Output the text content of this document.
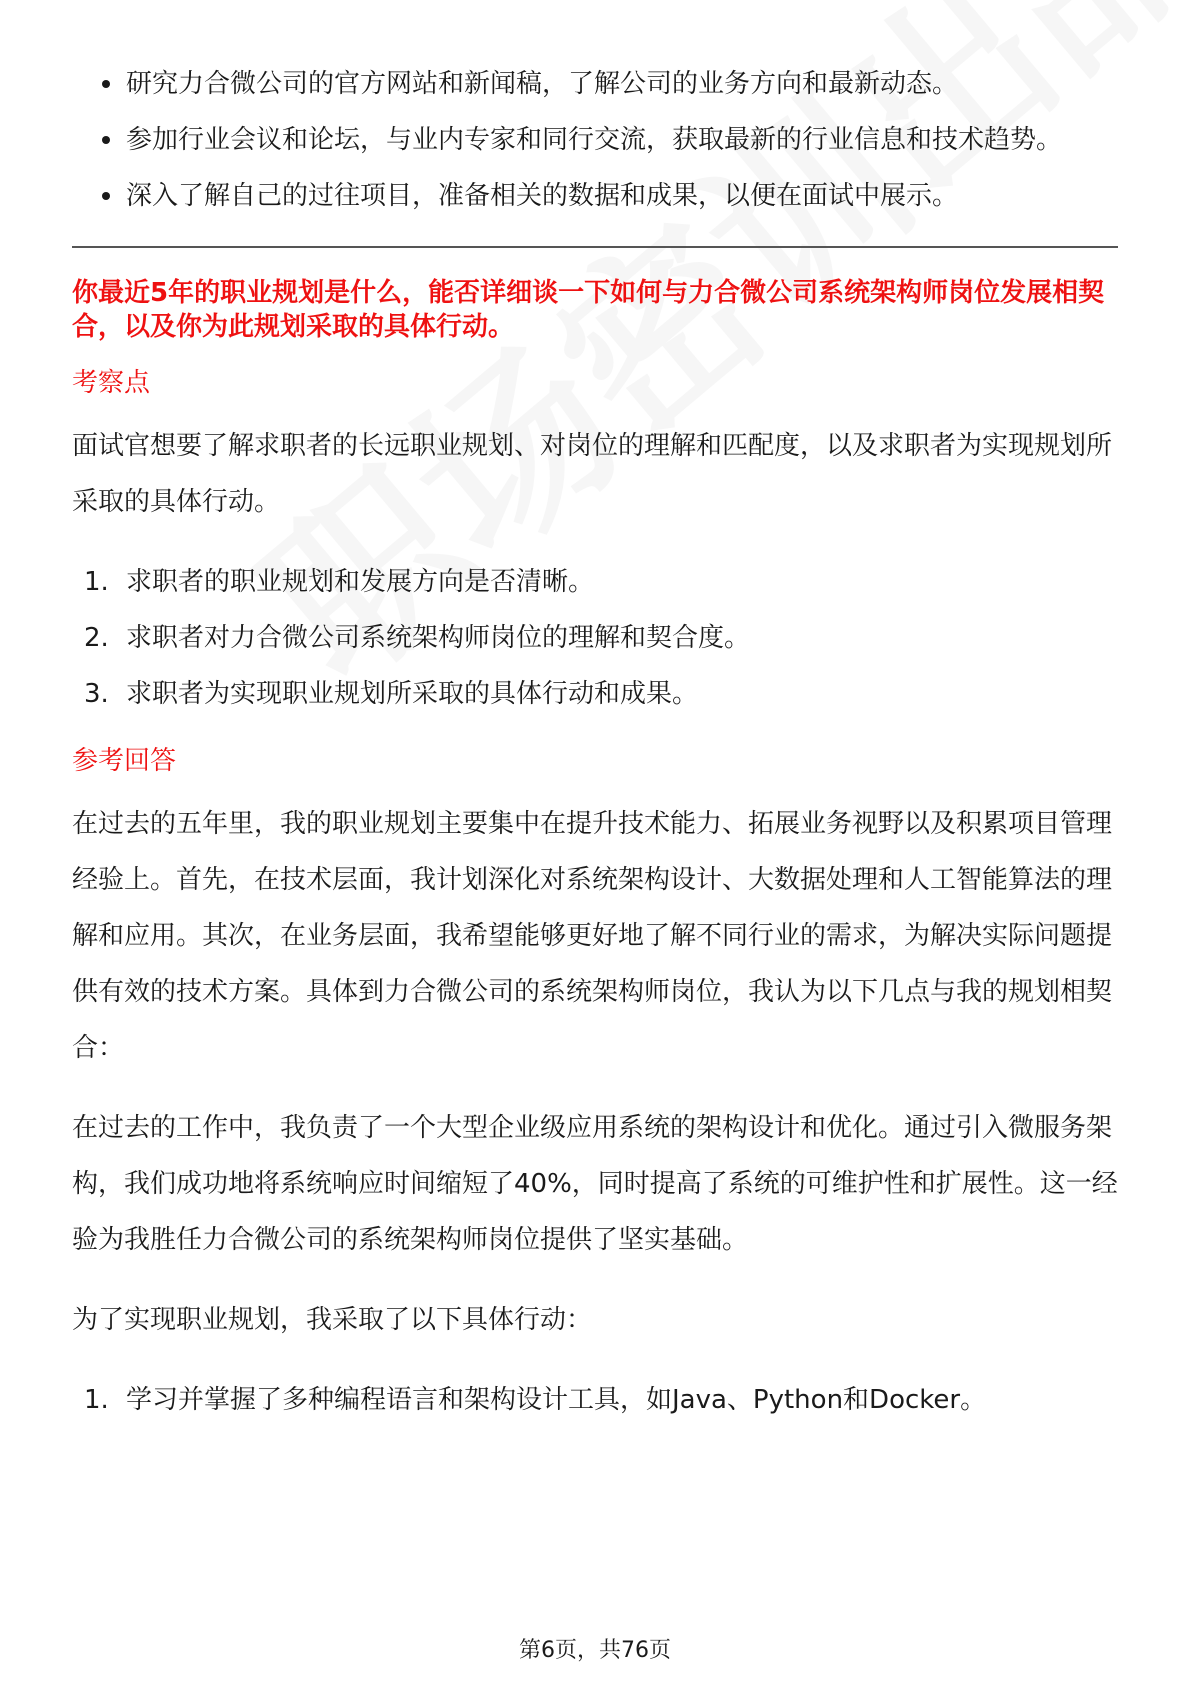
研究力合微公司的官方网站和新闻稿，了解公司的业务方向和最新动态。
参加行业会议和论坛，与业内专家和同行交流，获取最新的行业信息和技术趋势。
深入了解自己的过往项目，准备相关的数据和成果，以便在面试中展示。

你最近5年的职业规划是什么，能否详细谈一下如何与力合微公司系统架构师岗位发展相契合，以及你为此规划采取的具体行动。

考察点

面试官想要了解求职者的长远职业规划、对岗位的理解和匹配度，以及求职者为实现规划所采取的具体行动。

1. 求职者的职业规划和发展方向是否清晰。
2. 求职者对力合微公司系统架构师岗位的理解和契合度。
3. 求职者为实现职业规划所采取的具体行动和成果。

参考回答

在过去的五年里，我的职业规划主要集中在提升技术能力、拓展业务视野以及积累项目管理经验上。首先，在技术层面，我计划深化对系统架构设计、大数据处理和人工智能算法的理解和应用。其次，在业务层面，我希望能够更好地了解不同行业的需求，为解决实际问题提供有效的技术方案。具体到力合微公司的系统架构师岗位，我认为以下几点与我的规划相契合：

在过去的工作中，我负责了一个大型企业级应用系统的架构设计和优化。通过引入微服务架构，我们成功地将系统响应时间缩短了40%，同时提高了系统的可维护性和扩展性。这一经验为我胜任力合微公司的系统架构师岗位提供了坚实基础。

为了实现职业规划，我采取了以下具体行动：

1. 学习并掌握了多种编程语言和架构设计工具，如Java、Python和Docker。
第6页，共76页
